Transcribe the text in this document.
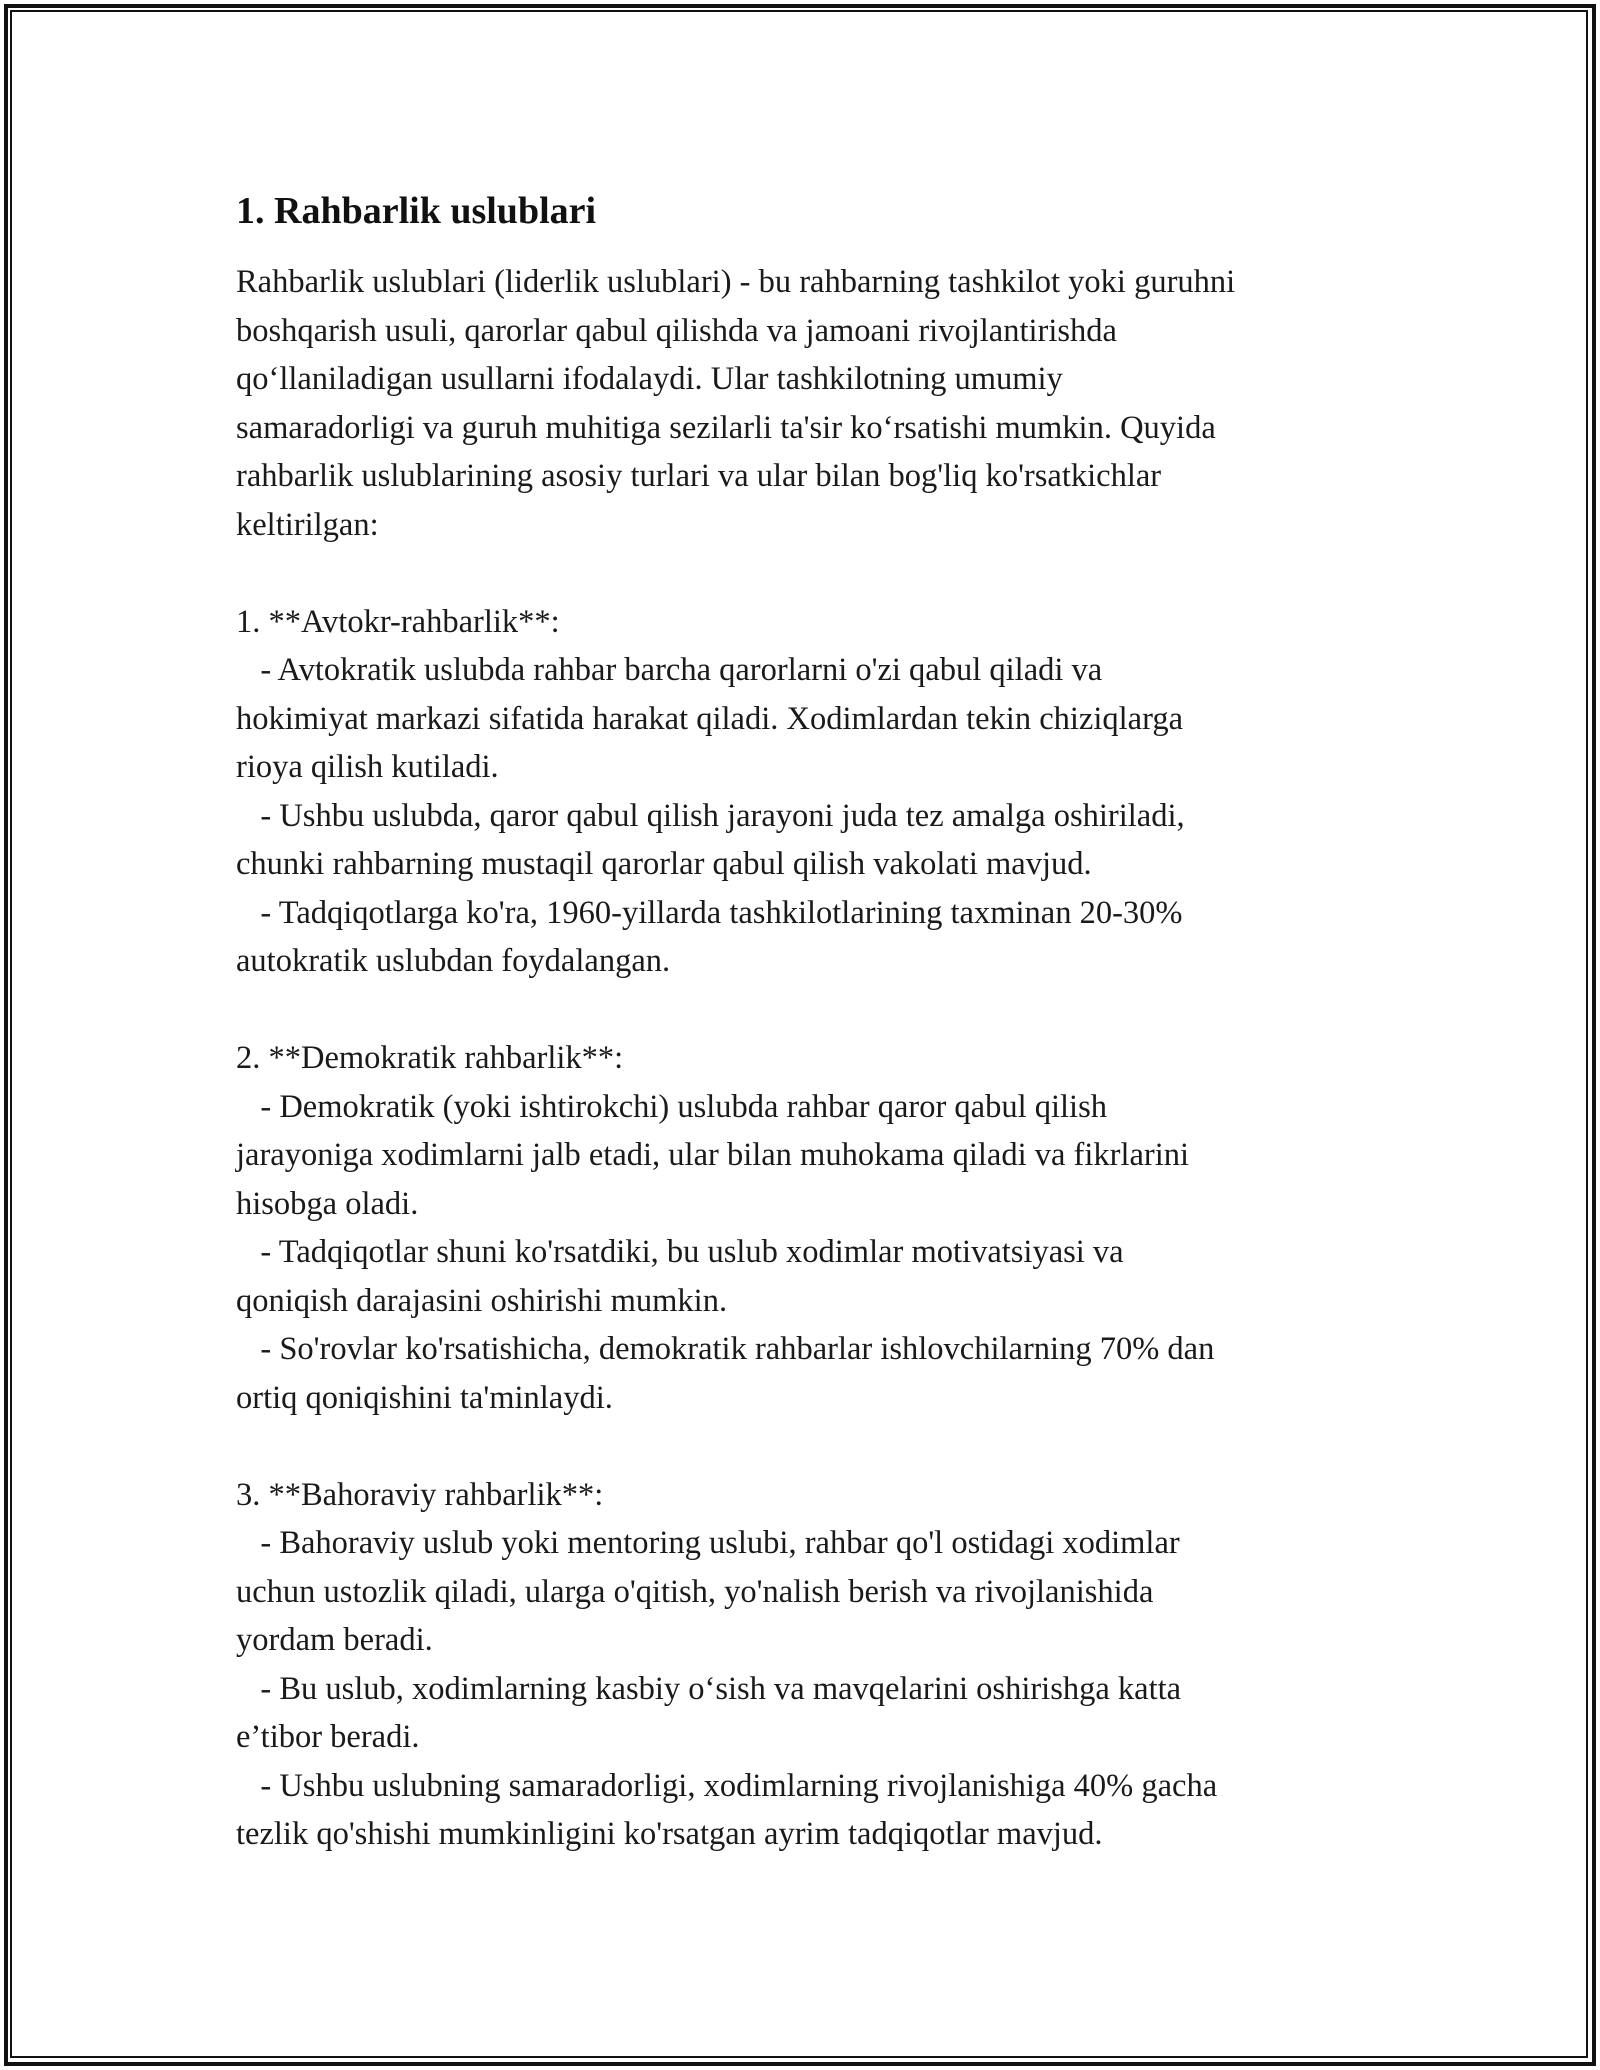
1. Rahbarlik uslublari

Rahbarlik uslublari (liderlik uslublari) - bu rahbarning tashkilot yoki guruhni
boshqarish usuli, qarorlar qabul qilishda va jamoani rivojlantirishda
qo‘llaniladigan usullarni ifodalaydi. Ular tashkilotning umumiy
samaradorligi va guruh muhitiga sezilarli ta'sir ko‘rsatishi mumkin. Quyida
rahbarlik uslublarining asosiy turlari va ular bilan bog'liq ko'rsatkichlar
keltirilgan:

1. **Avtokr-rahbarlik**:
- Avtokratik uslubda rahbar barcha qarorlarni o'zi qabul qiladi va
hokimiyat markazi sifatida harakat qiladi. Xodimlardan tekin chiziqlarga
rioya qilish kutiladi.
- Ushbu uslubda, qaror qabul qilish jarayoni juda tez amalga oshiriladi,
chunki rahbarning mustaqil qarorlar qabul qilish vakolati mavjud.
- Tadqiqotlarga ko'ra, 1960-yillarda tashkilotlarining taxminan 20-30%
autokratik uslubdan foydalangan.

2. **Demokratik rahbarlik**:
- Demokratik (yoki ishtirokchi) uslubda rahbar qaror qabul qilish
jarayoniga xodimlarni jalb etadi, ular bilan muhokama qiladi va fikrlarini
hisobga oladi.
- Tadqiqotlar shuni ko'rsatdiki, bu uslub xodimlar motivatsiyasi va
qoniqish darajasini oshirishi mumkin.
- So'rovlar ko'rsatishicha, demokratik rahbarlar ishlovchilarning 70% dan
ortiq qoniqishini ta'minlaydi.

3. **Bahoraviy rahbarlik**:
- Bahoraviy uslub yoki mentoring uslubi, rahbar qo'l ostidagi xodimlar
uchun ustozlik qiladi, ularga o'qitish, yo'nalish berish va rivojlanishida
yordam beradi.
- Bu uslub, xodimlarning kasbiy o‘sish va mavqelarini oshirishga katta
e’tibor beradi.
- Ushbu uslubning samaradorligi, xodimlarning rivojlanishiga 40% gacha
tezlik qo'shishi mumkinligini ko'rsatgan ayrim tadqiqotlar mavjud.
